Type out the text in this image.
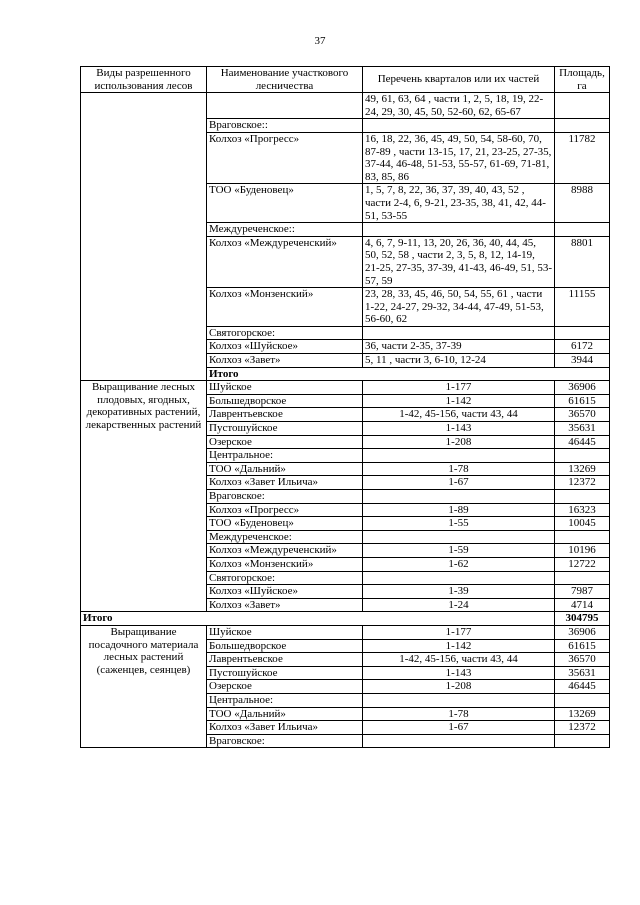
37
Виды разрешенного использования лесов	Наименование участкового лесничества	Перечень кварталов или их частей	Площадь, га	
		49, 61, 63, 64 , части 1, 2, 5, 18, 19, 22-24, 29, 30, 45, 50, 52-60, 62, 65-67		
	Враговское::			
	Колхоз «Прогресс»	16, 18, 22, 36, 45, 49, 50, 54, 58-60, 70, 87-89 , части 13-15, 17, 21, 23-25, 27-35, 37-44, 46-48, 51-53, 55-57, 61-69, 71-81, 83, 85, 86	11782	
	ТОО «Буденовец»	1, 5, 7, 8, 22, 36, 37, 39, 40, 43, 52 , части 2-4, 6, 9-21, 23-35, 38, 41, 42, 44-51, 53-55	8988	
	Междуреченское::			
	Колхоз «Междуреченский»	4, 6, 7, 9-11, 13, 20, 26, 36, 40, 44, 45, 50, 52, 58 , части 2, 3, 5, 8, 12, 14-19, 21-25, 27-35, 37-39, 41-43, 46-49, 51, 53-57, 59	8801	
	Колхоз «Монзенский»	23, 28, 33, 45, 46, 50, 54, 55, 61 , части 1-22, 24-27, 29-32, 34-44, 47-49, 51-53, 56-60, 62	11155	
	Святогорское:			
	Колхоз «Шуйское»	36, части 2-35, 37-39	6172	
	Колхоз «Завет»	5, 11 , части 3, 6-10, 12-24	3944	
	Итого	
Выращивание лесных плодовых, ягодных, декоративных растений, лекарственных растений	Шуйское	1-177	36906	
	Большедворское	1-142	61615	
	Лаврентьевское	1-42, 45-156, части 43, 44	36570	
	Пустошуйское	1-143	35631	
	Озерское	1-208	46445	
	Центральное:			
	ТОО «Дальний»	1-78	13269	
	Колхоз «Завет Ильича»	1-67	12372	
	Враговское:			
	Колхоз «Прогресс»	1-89	16323	
	ТОО «Буденовец»	1-55	10045	
	Междуреченское:			
	Колхоз «Междуреченский»	1-59	10196	
	Колхоз «Монзенский»	1-62	12722	
	Святогорское:			
	Колхоз «Шуйское»	1-39	7987	
	Колхоз «Завет»	1-24	4714	
Итого			304795	
Выращивание посадочного материала лесных растений (саженцев, сеянцев)	Шуйское	1-177	36906	
	Большедворское	1-142	61615	
	Лаврентьевское	1-42, 45-156, части 43, 44	36570	
	Пустошуйское	1-143	35631	
	Озерское	1-208	46445	
	Центральное:			
	ТОО «Дальний»	1-78	13269	
	Колхоз «Завет Ильича»	1-67	12372	
	Враговское:			
